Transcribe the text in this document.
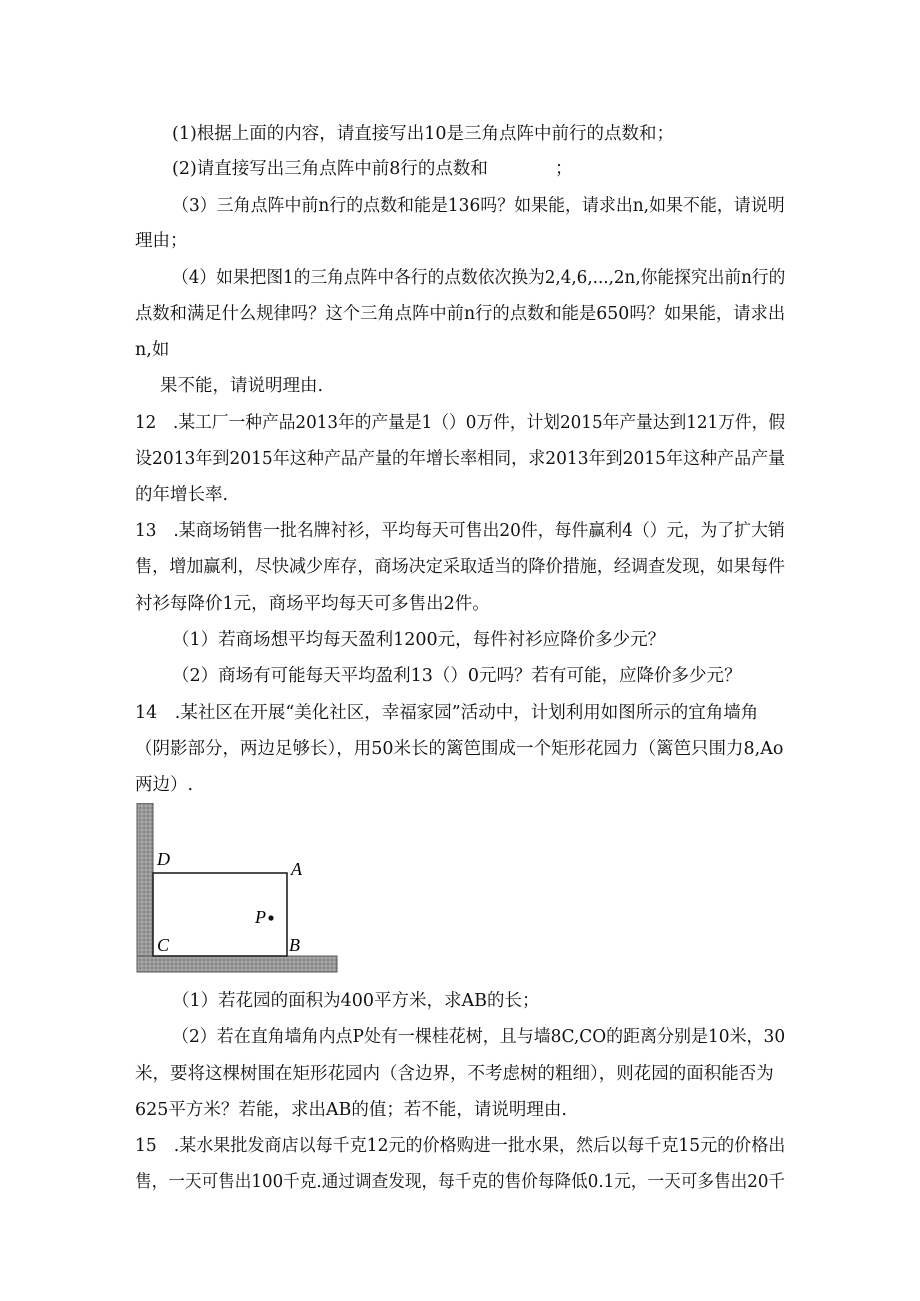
(1)根据上面的内容，请直接写出10是三角点阵中前行的点数和；
(2)请直接写出三角点阵中前8行的点数和	；
（3）三角点阵中前n行的点数和能是136吗？如果能，请求出n,如果不能，请说明
理由；
（4）如果把图1的三角点阵中各行的点数依次换为2,4,6,...,2n,你能探究出前n行的
点数和满足什么规律吗？这个三角点阵中前n行的点数和能是650吗？如果能，请求出
n,如
果不能，请说明理由.
12　.某工厂一种产品2013年的产量是1（）0万件，计划2015年产量达到121万件，假
设2013年到2015年这种产品产量的年增长率相同，求2013年到2015年这种产品产量
的年增长率.
13　.某商场销售一批名牌衬衫，平均每天可售出20件，每件赢利4（）元，为了扩大销
售，增加赢利，尽快减少库存，商场决定采取适当的降价措施，经调查发现，如果每件
衬衫每降价1元，商场平均每天可多售出2件。
（1）若商场想平均每天盈利1200元，每件衬衫应降价多少元？
（2）商场有可能每天平均盈利13（）0元吗？若有可能，应降价多少元？
14　.某社区在开展“美化社区，幸福家园”活动中，计划利用如图所示的宜角墙角
（阴影部分，两边足够长），用50米长的篱笆围成一个矩形花园力（篱笆只围力8,Ao
两边）.
D	A
P
C	B
（1）若花园的面积为400平方米，求AB的长；
（2）若在直角墙角内点P处有一棵桂花树，且与墙8C,CO的距离分别是10米，30
米，要将这棵树围在矩形花园内（含边界，不考虑树的粗细），则花园的面积能否为
625平方米？若能，求出AB的值；若不能，请说明理由.
15　.某水果批发商店以每千克12元的价格购进一批水果，然后以每千克15元的价格出
售，一天可售出100千克.通过调查发现，每千克的售价每降低0.1元，一天可多售出20千
